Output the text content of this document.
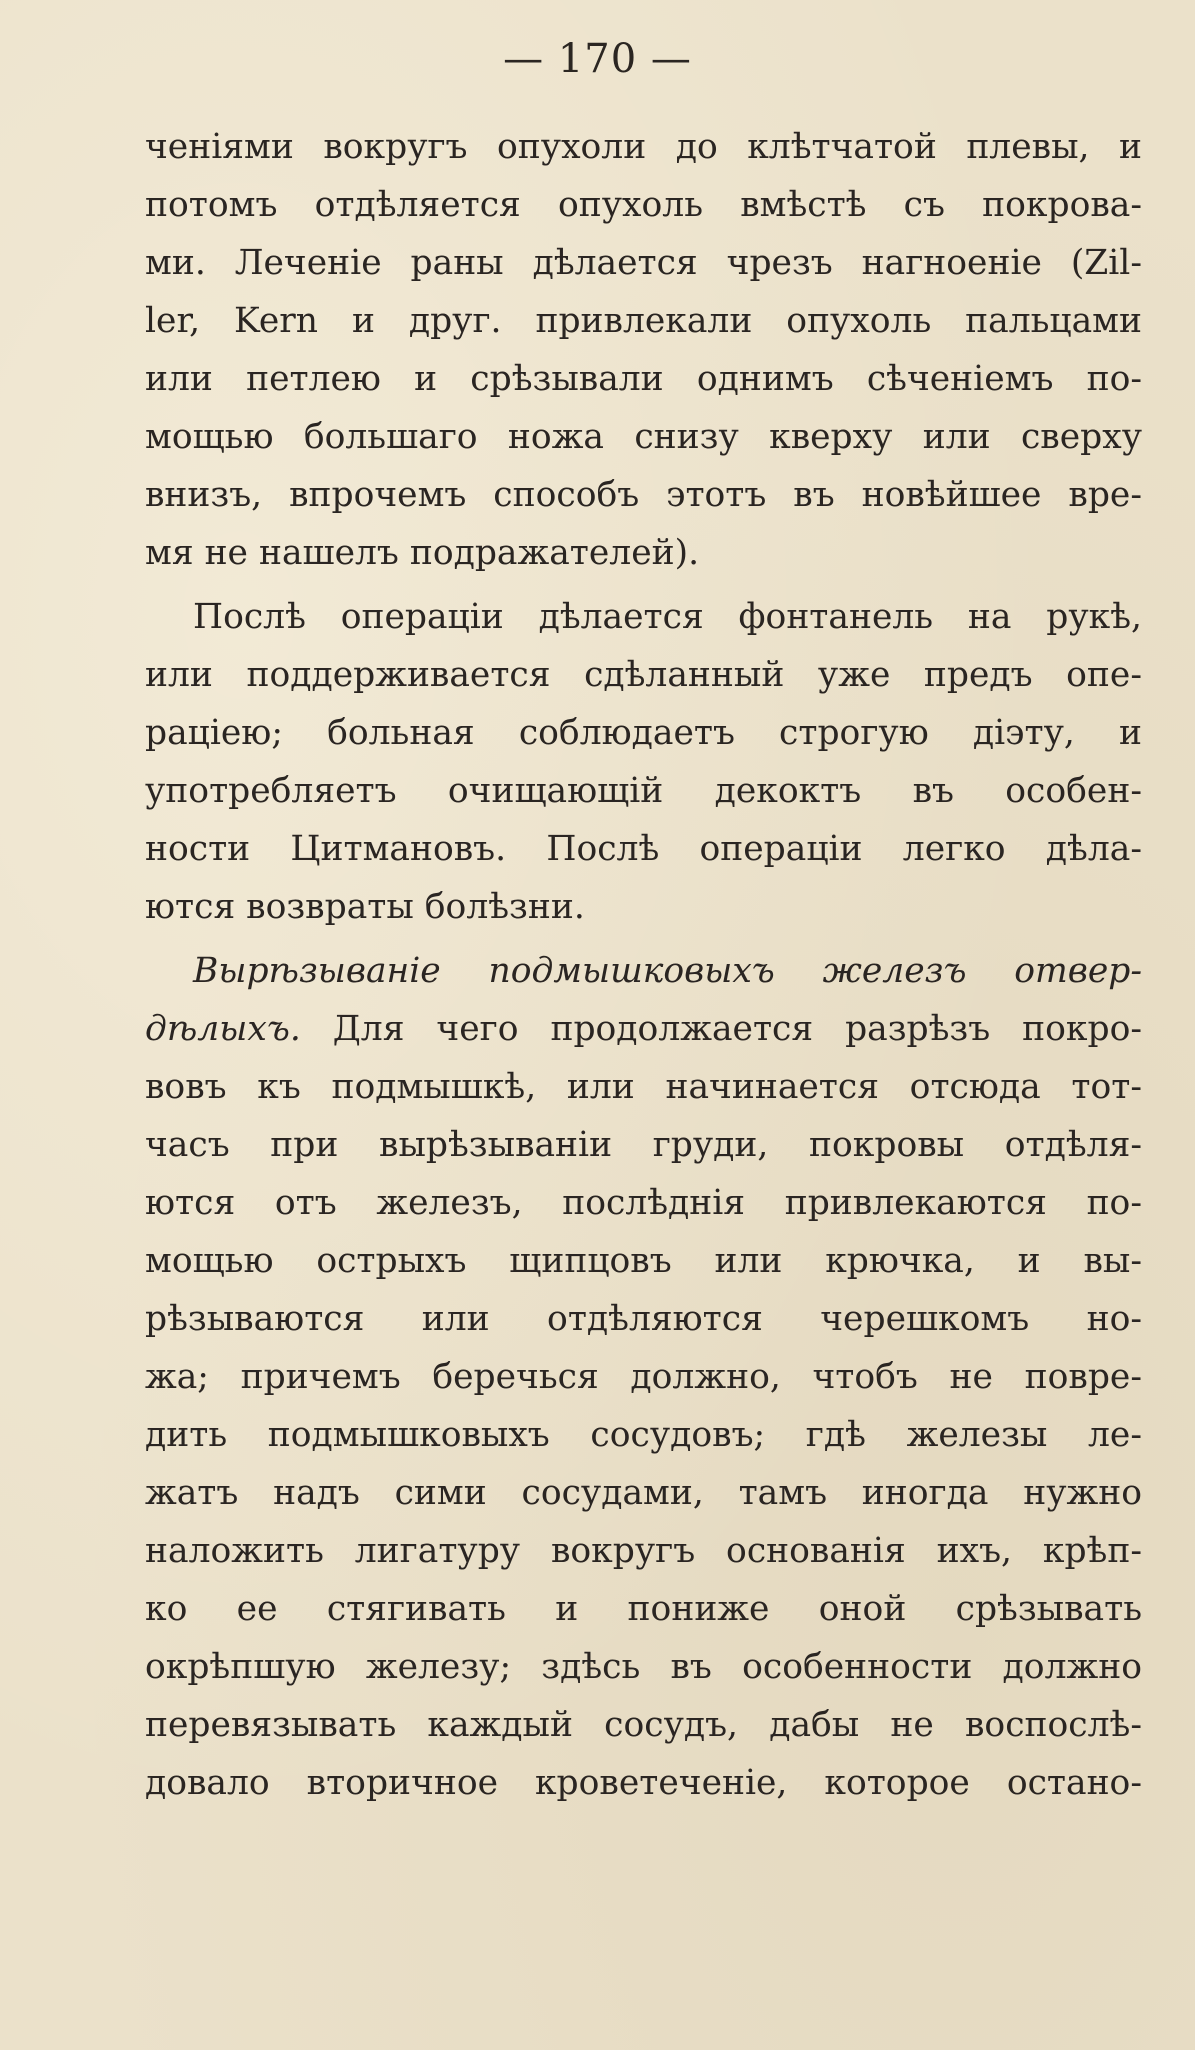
— 170 —
ченіями вокругъ опухоли до клѣтчатой плевы, и
потомъ отдѣляется опухоль вмѣстѣ съ покрова-
ми. Леченіе раны дѣлается чрезъ нагноеніе (Zil-
ler, Kern и друг. привлекали опухоль пальцами
или петлею и срѣзывали однимъ сѣченіемъ по-
мощью большаго ножа снизу кверху или сверху
внизъ, впрочемъ способъ этотъ въ новѣйшее вре-
мя не нашелъ подражателей).
Послѣ операціи дѣлается фонтанель на рукѣ,
или поддерживается сдѣланный уже предъ опе-
раціею; больная соблюдаетъ строгую діэту, и
употребляетъ очищающій декоктъ въ особен-
ности Цитмановъ. Послѣ операціи легко дѣла-
ются возвраты болѣзни.
Вырѣзываніе подмышковыхъ железъ отвер-
дѣлыхъ. Для чего продолжается разрѣзъ покро-
вовъ къ подмышкѣ, или начинается отсюда тот-
часъ при вырѣзываніи груди, покровы отдѣля-
ются отъ железъ, послѣднія привлекаются по-
мощью острыхъ щипцовъ или крючка, и вы-
рѣзываются или отдѣляются черешкомъ но-
жа; причемъ беречься должно, чтобъ не повре-
дить подмышковыхъ сосудовъ; гдѣ железы ле-
жатъ надъ сими сосудами, тамъ иногда нужно
наложить лигатуру вокругъ основанія ихъ, крѣп-
ко ее стягивать и пониже оной срѣзывать
окрѣпшую железу; здѣсь въ особенности должно
перевязывать каждый сосудъ, дабы не воспослѣ-
довало вторичное кроветеченіе, которое остано-
